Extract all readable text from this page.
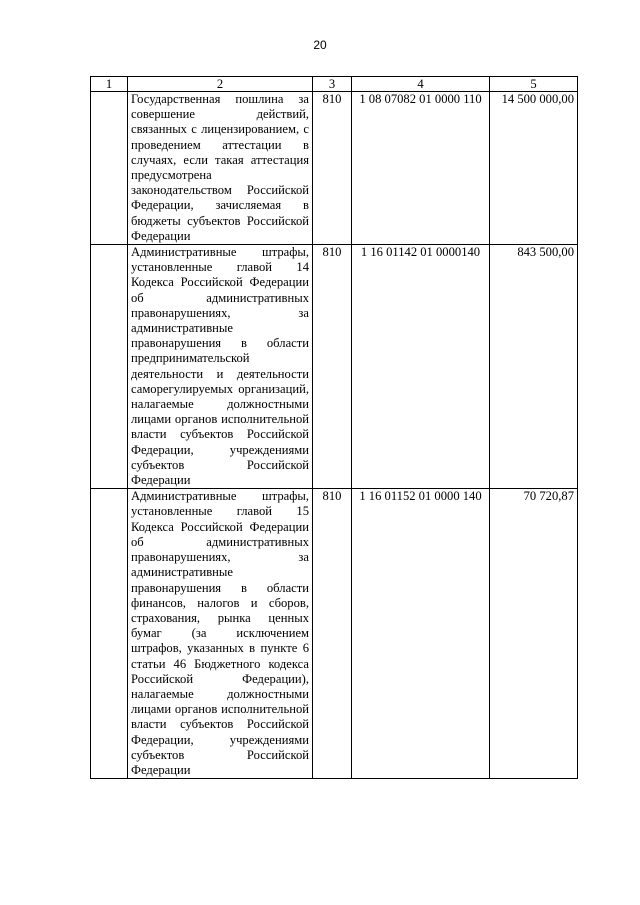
20
1	2	3	4	5
	Государственная пошлина за совершение действий, связанных с лицензированием, с проведением аттестации в случаях, если такая аттестация предусмотрена законодательством Российской Федерации, зачисляемая в бюджеты субъектов Российской Федерации	810	1 08 07082 01 0000 110	14 500 000,00
	Административные штрафы, установленные главой 14 Кодекса Российской Федерации об административных правонарушениях, за административные правонарушения в области предпринимательской деятельности и деятельности саморегулируемых организаций, налагаемые должностными лицами органов исполнительной власти субъектов Российской Федерации, учреждениями субъектов Российской Федерации	810	1 16 01142 01 0000140	843 500,00
	Административные штрафы, установленные главой 15 Кодекса Российской Федерации об административных правонарушениях, за административные правонарушения в области финансов, налогов и сборов, страхования, рынка ценных бумаг (за исключением штрафов, указанных в пункте 6 статьи 46 Бюджетного кодекса Российской Федерации), налагаемые должностными лицами органов исполнительной власти субъектов Российской Федерации, учреждениями субъектов Российской Федерации	810	1 16 01152 01 0000 140	70 720,87
